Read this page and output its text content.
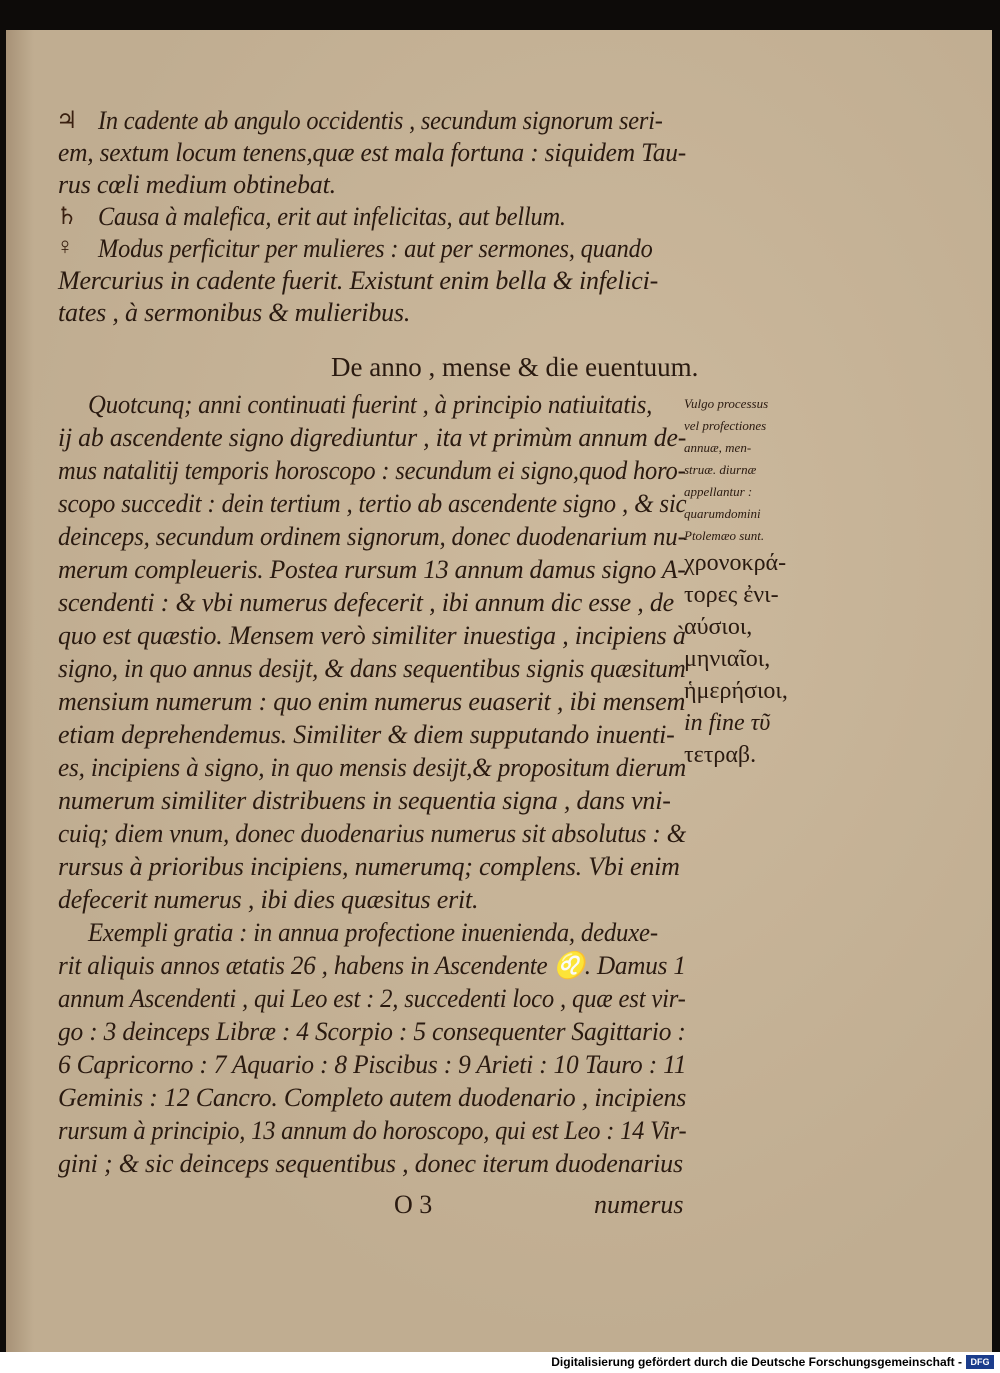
♃ In cadente ab angulo occidentis , secundum signorum seri-

em, sextum locum tenens,quæ est mala fortuna : siquidem Tau-

rus cœli medium obtinebat.

♄ Causa à malefica, erit aut infelicitas, aut bellum.

♀ Modus perficitur per mulieres : aut per sermones, quando

Mercurius in cadente fuerit. Existunt enim bella & infelici-

tates , à sermonibus & mulieribus.

De anno , mense & die euentuum.

Quotcunq; anni continuati fuerint , à principio natiuitatis,

ij ab ascendente signo digrediuntur , ita vt primùm annum de-

mus natalitij temporis horoscopo : secundum ei signo,quod horo-

scopo succedit : dein tertium , tertio ab ascendente signo , & sic

deinceps, secundum ordinem signorum, donec duodenarium nu-

merum compleueris. Postea rursum 13 annum damus signo A-

scendenti : & vbi numerus defecerit , ibi annum dic esse , de

quo est quæstio. Mensem verò similiter inuestiga , incipiens à

signo, in quo annus desijt, & dans sequentibus signis quæsitum

mensium numerum : quo enim numerus euaserit , ibi mensem

etiam deprehendemus. Similiter & diem supputando inuenti-

es, incipiens à signo, in quo mensis desijt,& propositum dierum

numerum similiter distribuens in sequentia signa , dans vni-

cuiq; diem vnum, donec duodenarius numerus sit absolutus : &

rursus à prioribus incipiens, numerumq; complens. Vbi enim

defecerit numerus , ibi dies quæsitus erit.

Exempli gratia : in annua profectione inuenienda, deduxe-

rit aliquis annos ætatis 26 , habens in Ascendente ♌. Damus 1

annum Ascendenti , qui Leo est : 2, succedenti loco , quæ est vir-

go : 3 deinceps Libræ : 4 Scorpio : 5 consequenter Sagittario :

6 Capricorno : 7 Aquario : 8 Piscibus : 9 Arieti : 10 Tauro : 11

Geminis : 12 Cancro. Completo autem duodenario , incipiens

rursum à principio, 13 annum do horoscopo, qui est Leo : 14 Vir-

gini ; & sic deinceps sequentibus , donec iterum duodenarius

O 3	numerus
Vulgo processus
vel profectiones
annuæ, men-
struæ. diurnæ
appellantur :
quarumdomini
Ptolemæo sunt.
χρονοκρά-
τορες ἐνι-
αύσιοι,
μηνιαῖοι,
ἡμερήσιοι,
in fine τῦ
τετραβ.
Digitalisierung gefördert durch die Deutsche Forschungsgemeinschaft - DFG
